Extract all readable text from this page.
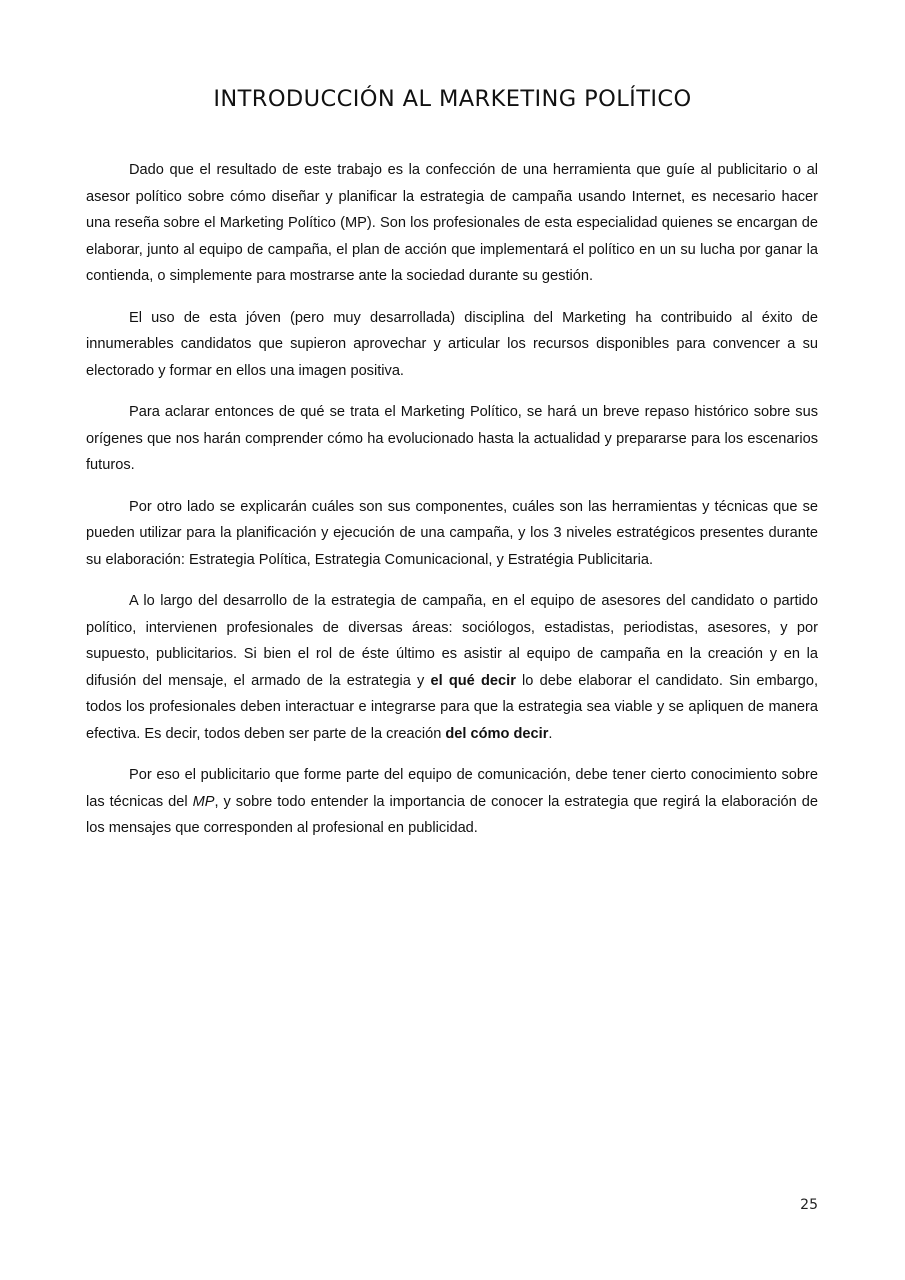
INTRODUCCIÓN AL MARKETING POLÍTICO

Dado que el resultado de este trabajo es la confección de una herramienta que guíe al publicitario o al asesor político sobre cómo diseñar y planificar la estrategia de campaña usando Internet, es necesario hacer una reseña sobre el Marketing Político (MP). Son los profesionales de esta especialidad quienes se encargan de elaborar, junto al equipo de campaña, el plan de acción que implementará el político en un su lucha por ganar la contienda, o simplemente para mostrarse ante la sociedad durante su gestión.

El uso de esta jóven (pero muy desarrollada) disciplina del Marketing ha contribuido al éxito de innumerables candidatos que supieron aprovechar y articular los recursos disponibles para convencer a su electorado y formar en ellos una imagen positiva.

Para aclarar entonces de qué se trata el Marketing Político, se hará un breve repaso histórico sobre sus orígenes que nos harán comprender cómo ha evolucionado hasta la actualidad y prepararse para los escenarios futuros.

Por otro lado se explicarán cuáles son sus componentes, cuáles son las herramientas y técnicas que se pueden utilizar para la planificación y ejecución de una campaña, y los 3 niveles estratégicos presentes durante su elaboración: Estrategia Política, Estrategia Comunicacional, y Estratégia Publicitaria.

A lo largo del desarrollo de la estrategia de campaña, en el equipo de asesores del candidato o partido político, intervienen profesionales de diversas áreas: sociólogos, estadistas, periodistas, asesores, y por supuesto, publicitarios. Si bien el rol de éste último es asistir al equipo de campaña en la creación y en la difusión del mensaje, el armado de la estrategia y el qué decir lo debe elaborar el candidato. Sin embargo, todos los profesionales deben interactuar e integrarse para que la estrategia sea viable y se apliquen de manera efectiva. Es decir, todos deben ser parte de la creación del cómo decir.

Por eso el publicitario que forme parte del equipo de comunicación, debe tener cierto conocimiento sobre las técnicas del MP, y sobre todo entender la importancia de conocer la estrategia que regirá la elaboración de los mensajes que corresponden al profesional en publicidad.

25
